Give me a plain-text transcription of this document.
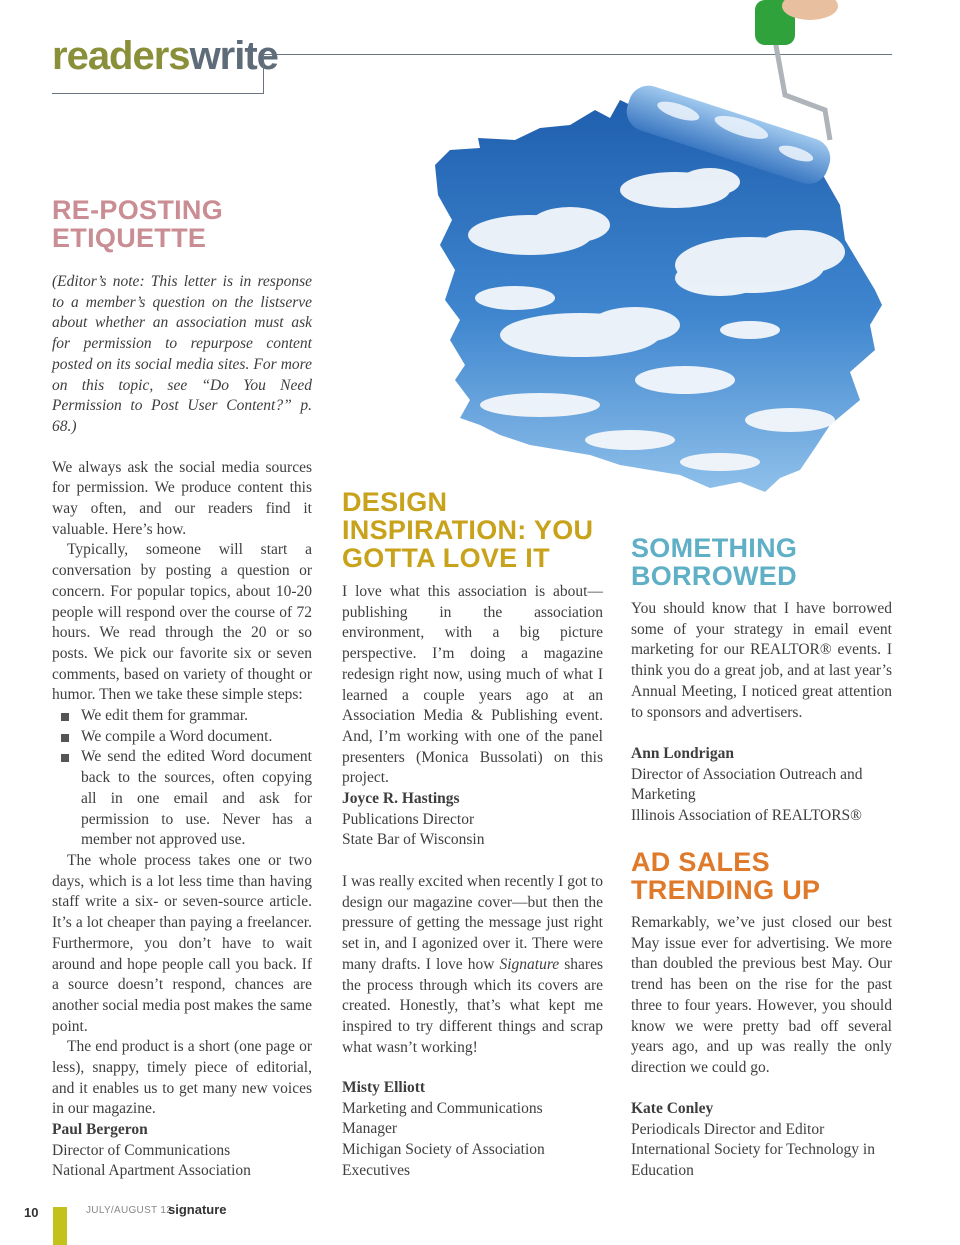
readerswrite
RE-POSTING
ETIQUETTE

(Editor’s note: This letter is in response to a member’s question on the listserve about whether an association must ask for permission to repurpose content posted on its social media sites. For more on this topic, see “Do You Need Permission to Post User Content?” p. 68.)

We always ask the social media sources for permission. We produce content this way often, and our readers find it valuable. Here’s how.

Typically, someone will start a conversation by posting a question or concern. For popular topics, about 10-20 people will respond over the course of 72 hours. We read through the 20 or so posts. We pick our favorite six or seven comments, based on variety of thought or humor. Then we take these simple steps:

We edit them for grammar.
We compile a Word document.
We send the edited Word document back to the sources, often copying all in one email and ask for permission to use. Never has a member not approved use.

The whole process takes one or two days, which is a lot less time than having staff write a six- or seven-source article. It’s a lot cheaper than paying a freelancer. Furthermore, you don’t have to wait around and hope people call you back. If a source doesn’t respond, chances are another social media post makes the same point.

The end product is a short (one page or less), snappy, timely piece of editorial, and it enables us to get many new voices in our magazine.

Paul Bergeron
Director of Communications
National Apartment Association
DESIGN
INSPIRATION: YOU
GOTTA LOVE IT

I love what this association is about—publishing in the association environment, with a big picture perspective. I’m doing a magazine redesign right now, using much of what I learned a couple years ago at an Association Media & Publishing event. And, I’m working with one of the panel presenters (Monica Bussolati) on this project.

Joyce R. Hastings
Publications Director
State Bar of Wisconsin

I was really excited when recently I got to design our magazine cover—but then the pressure of getting the message just right set in, and I agonized over it. There were many drafts. I love how Signature shares the process through which its covers are created. Honestly, that’s what kept me inspired to try different things and scrap what wasn’t working!

Misty Elliott
Marketing and Communications
Manager
Michigan Society of Association
Executives
SOMETHING
BORROWED

You should know that I have borrowed some of your strategy in email event marketing for our REALTOR® events. I think you do a great job, and at last year’s Annual Meeting, I noticed great attention to sponsors and advertisers.

Ann Londrigan
Director of Association Outreach and
Marketing
Illinois Association of REALTORS®
AD SALES
TRENDING UP

Remarkably, we’ve just closed our best May issue ever for advertising. We more than doubled the previous best May. Our trend has been on the rise for the past three to four years. However, you should know we were pretty bad off several years ago, and up was really the only direction we could go.

Kate Conley
Periodicals Director and Editor
International Society for Technology in
Education
10	JULY/AUGUST 12
signature
